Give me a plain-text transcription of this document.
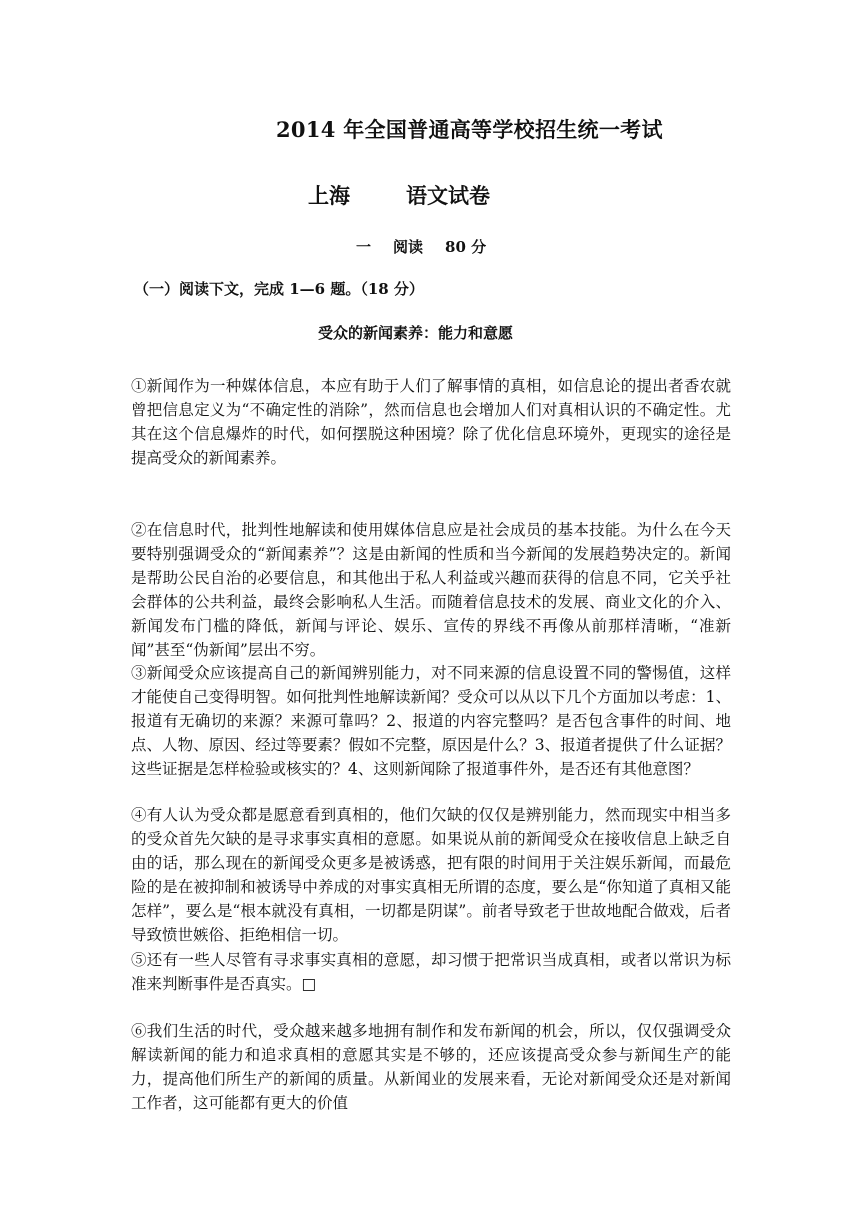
2014 年全国普通高等学校招生统一考试
上海	语文试卷
一 阅读 80 分
（一）阅读下文，完成 1—6 题。（18 分）
受众的新闻素养：能力和意愿

①新闻作为一种媒体信息，本应有助于人们了解事情的真相，如信息论的提出者香农就曾把信息定义为“不确定性的消除”，然而信息也会增加人们对真相认识的不确定性。尤其在这个信息爆炸的时代，如何摆脱这种困境？除了优化信息环境外，更现实的途径是提高受众的新闻素养。

②在信息时代，批判性地解读和使用媒体信息应是社会成员的基本技能。为什么在今天要特别强调受众的“新闻素养”？这是由新闻的性质和当今新闻的发展趋势决定的。新闻是帮助公民自治的必要信息，和其他出于私人利益或兴趣而获得的信息不同，它关乎社会群体的公共利益，最终会影响私人生活。而随着信息技术的发展、商业文化的介入、新闻发布门槛的降低，新闻与评论、娱乐、宣传的界线不再像从前那样清晰，“准新闻”甚至“伪新闻”层出不穷。

③新闻受众应该提高自己的新闻辨别能力，对不同来源的信息设置不同的警惕值，这样才能使自己变得明智。如何批判性地解读新闻？受众可以从以下几个方面加以考虑：1、报道有无确切的来源？来源可靠吗？2、报道的内容完整吗？是否包含事件的时间、地点、人物、原因、经过等要素？假如不完整，原因是什么？3、报道者提供了什么证据？这些证据是怎样检验或核实的？4、这则新闻除了报道事件外，是否还有其他意图？

④有人认为受众都是愿意看到真相的，他们欠缺的仅仅是辨别能力，然而现实中相当多的受众首先欠缺的是寻求事实真相的意愿。如果说从前的新闻受众在接收信息上缺乏自由的话，那么现在的新闻受众更多是被诱惑，把有限的时间用于关注娱乐新闻，而最危险的是在被抑制和被诱导中养成的对事实真相无所谓的态度，要么是“你知道了真相又能怎样”，要么是“根本就没有真相，一切都是阴谋”。前者导致老于世故地配合做戏，后者导致愤世嫉俗、拒绝相信一切。

⑤还有一些人尽管有寻求事实真相的意愿，却习惯于把常识当成真相，或者以常识为标准来判断事件是否真实。□

⑥我们生活的时代，受众越来越多地拥有制作和发布新闻的机会，所以，仅仅强调受众解读新闻的能力和追求真相的意愿其实是不够的，还应该提高受众参与新闻生产的能力，提高他们所生产的新闻的质量。从新闻业的发展来看，无论对新闻受众还是对新闻工作者，这可能都有更大的价值
